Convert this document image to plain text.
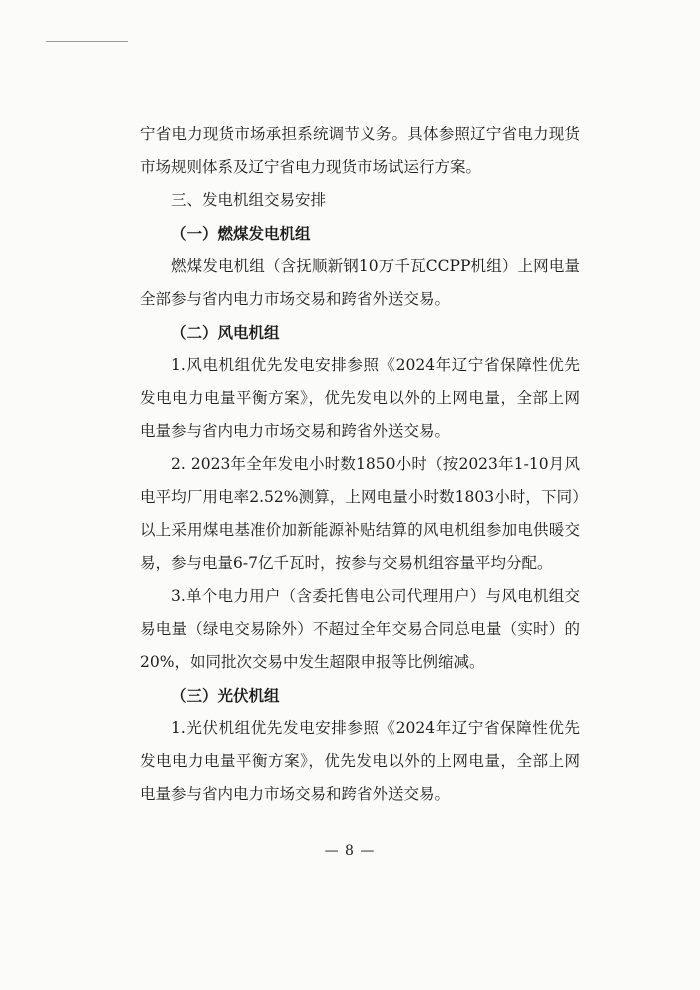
宁省电力现货市场承担系统调节义务。具体参照辽宁省电力现货市场规则体系及辽宁省电力现货市场试运行方案。

三、发电机组交易安排

（一）燃煤发电机组

燃煤发电机组（含抚顺新钢10万千瓦CCPP机组）上网电量全部参与省内电力市场交易和跨省外送交易。

（二）风电机组

1.风电机组优先发电安排参照《2024年辽宁省保障性优先发电电力电量平衡方案》，优先发电以外的上网电量，全部上网电量参与省内电力市场交易和跨省外送交易。

2. 2023年全年发电小时数1850小时（按2023年1-10月风电平均厂用电率2.52%测算，上网电量小时数1803小时，下同）以上采用煤电基准价加新能源补贴结算的风电机组参加电供暖交易，参与电量6-7亿千瓦时，按参与交易机组容量平均分配。

3.单个电力用户（含委托售电公司代理用户）与风电机组交易电量（绿电交易除外）不超过全年交易合同总电量（实时）的20%，如同批次交易中发生超限申报等比例缩减。

（三）光伏机组

1.光伏机组优先发电安排参照《2024年辽宁省保障性优先发电电力电量平衡方案》，优先发电以外的上网电量，全部上网电量参与省内电力市场交易和跨省外送交易。

— 8 —
